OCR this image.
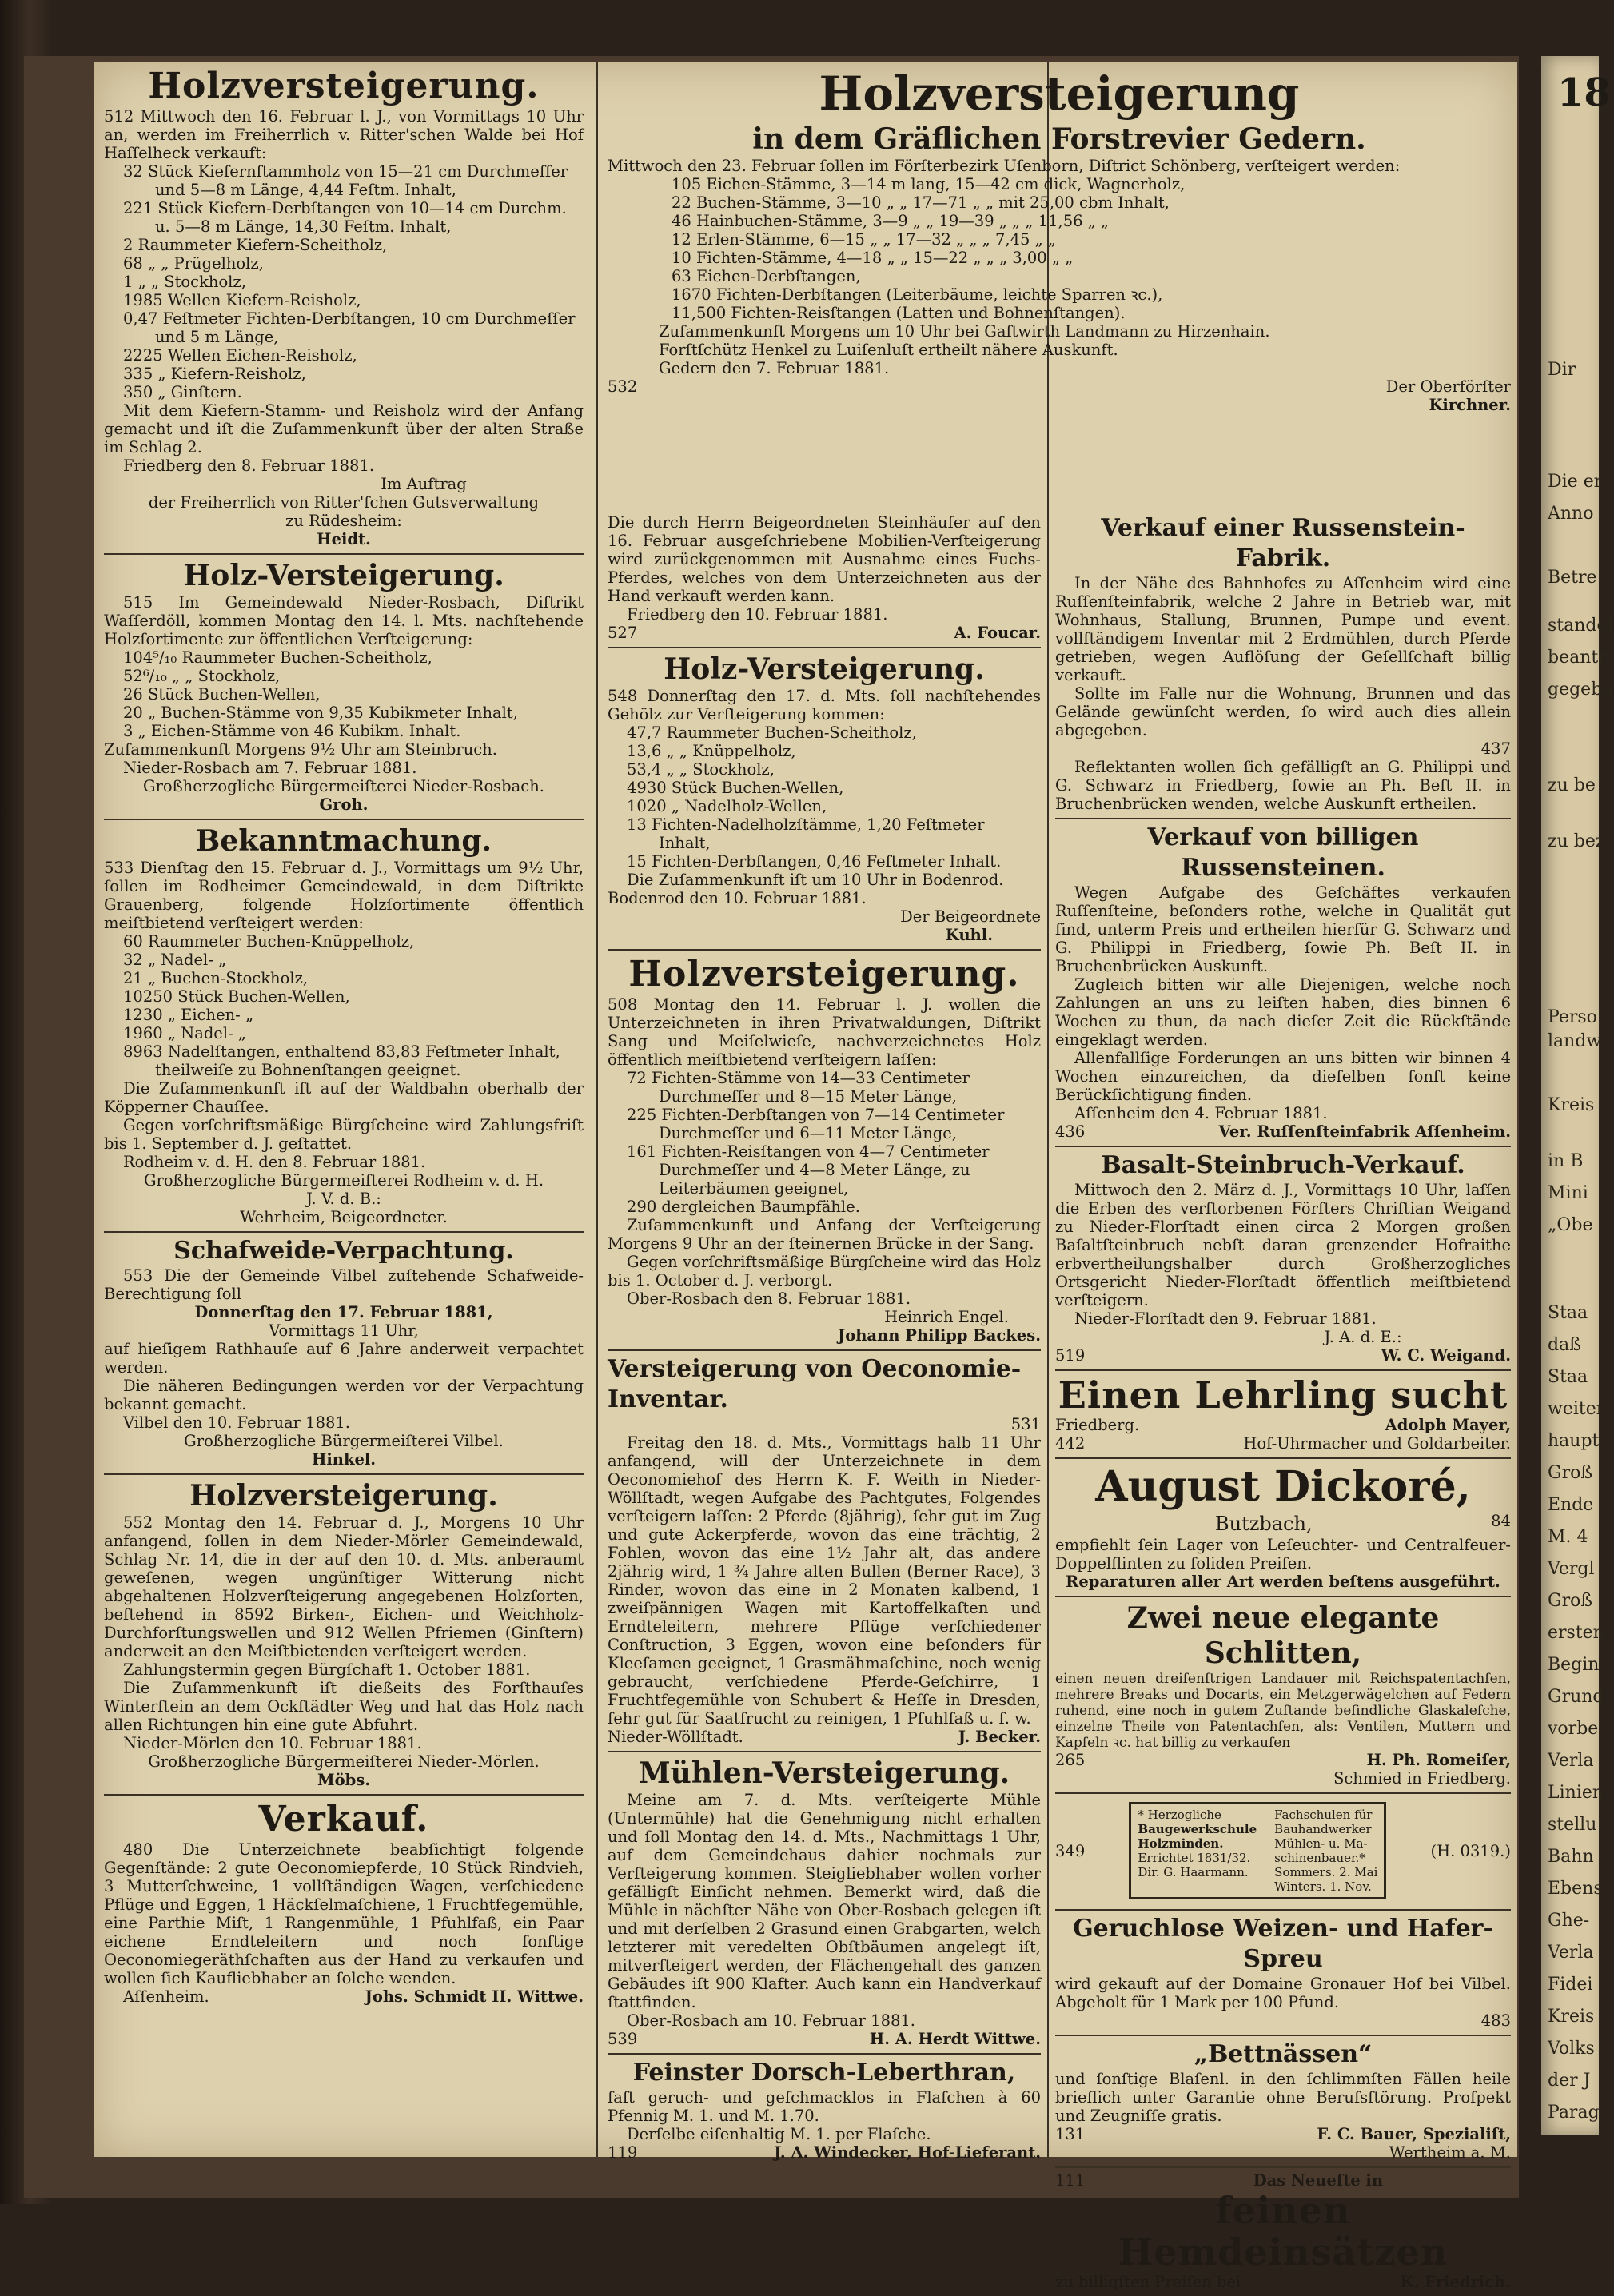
18
Dir
Die er
Anno
Betre
standet
beantr
gegebe
zu be
zu bez
Perso
landw
Kreis
in B
Mini
„Obe
Staa
daß
Staa
weiter
haupt
Groß
Ende
M. 4
Vergl
Groß
ersten
Begin
Grund
vorbe
Verla
Linien
stellu
Bahn
Ebens
Ghe-
Verla
Fidei
Kreis
Volks
der J
Parag
Holzversteigerung.

512 Mittwoch den 16. Februar l. J., von Vormittags 10 Uhr an, werden im Freiherrlich v. Ritter'schen Walde bei Hof Haſſelheck verkauft:

32 Stück Kiefernſtammholz von 15—21 cm Durchmeſſer und 5—8 m Länge, 4,44 Feſtm. Inhalt,
221 Stück Kiefern-Derbſtangen von 10—14 cm Durchm. u. 5—8 m Länge, 14,30 Feſtm. Inhalt,
2 Raummeter Kiefern-Scheitholz,
68 „ „ Prügelholz,
1 „ „ Stockholz,
1985 Wellen Kiefern-Reisholz,
0,47 Feſtmeter Fichten-Derbſtangen, 10 cm Durchmeſſer und 5 m Länge,
2225 Wellen Eichen-Reisholz,
335 „ Kiefern-Reisholz,
350 „ Ginſtern.

Mit dem Kiefern-Stamm- und Reisholz wird der Anfang gemacht und iſt die Zuſammenkunft über der alten Straße im Schlag 2.

Friedberg den 8. Februar 1881.

Im Auftrag
der Freiherrlich von Ritter'ſchen Gutsverwaltung
zu Rüdesheim:
Heidt.
Holz-Versteigerung.

515 Im Gemeindewald Nieder-Rosbach, Diſtrikt Waſſerdöll, kommen Montag den 14. l. Mts. nachſtehende Holzſortimente zur öffentlichen Verſteigerung:

104⁵/₁₀ Raummeter Buchen-Scheitholz,
52⁶/₁₀ „ „ Stockholz,
26 Stück Buchen-Wellen,
20 „ Buchen-Stämme von 9,35 Kubikmeter Inhalt,
3 „ Eichen-Stämme von 46 Kubikm. Inhalt.

Zuſammenkunft Morgens 9½ Uhr am Steinbruch.

Nieder-Rosbach am 7. Februar 1881.

Großherzogliche Bürgermeiſterei Nieder-Rosbach.
Groh.
Bekanntmachung.

533 Dienſtag den 15. Februar d. J., Vormittags um 9½ Uhr, ſollen im Rodheimer Gemeindewald, in dem Diſtrikte Grauenberg, folgende Holzſortimente öffentlich meiſtbietend verſteigert werden:

60 Raummeter Buchen-Knüppelholz,
32 „ Nadel- „
21 „ Buchen-Stockholz,
10250 Stück Buchen-Wellen,
1230 „ Eichen- „
1960 „ Nadel- „
8963 Nadelſtangen, enthaltend 83,83 Feſtmeter Inhalt, theilweiſe zu Bohnenſtangen geeignet.

Die Zuſammenkunft iſt auf der Waldbahn oberhalb der Köpperner Chauſſee.

Gegen vorſchriftsmäßige Bürgſcheine wird Zahlungsfriſt bis 1. September d. J. geſtattet.

Rodheim v. d. H. den 8. Februar 1881.

Großherzogliche Bürgermeiſterei Rodheim v. d. H.
J. V. d. B.:
Wehrheim, Beigeordneter.
Schafweide-Verpachtung.

553 Die der Gemeinde Vilbel zuſtehende Schafweide-Berechtigung ſoll

Donnerſtag den 17. Februar 1881,
Vormittags 11 Uhr,

auf hieſigem Rathhauſe auf 6 Jahre anderweit verpachtet werden.

Die näheren Bedingungen werden vor der Verpachtung bekannt gemacht.

Vilbel den 10. Februar 1881.

Großherzogliche Bürgermeiſterei Vilbel.
Hinkel.
Holzversteigerung.

552 Montag den 14. Februar d. J., Morgens 10 Uhr anfangend, ſollen in dem Nieder-Mörler Gemeindewald, Schlag Nr. 14, die in der auf den 10. d. Mts. anberaumt geweſenen, wegen ungünſtiger Witterung nicht abgehaltenen Holzverſteigerung angegebenen Holzſorten, beſtehend in 8592 Birken-, Eichen- und Weichholz-Durchforſtungswellen und 912 Wellen Pfriemen (Ginſtern) anderweit an den Meiſtbietenden verſteigert werden.

Zahlungstermin gegen Bürgſchaft 1. October 1881.

Die Zuſammenkunft iſt dießeits des Forſthauſes Winterſtein an dem Ockſtädter Weg und hat das Holz nach allen Richtungen hin eine gute Abfuhrt.

Nieder-Mörlen den 10. Februar 1881.

Großherzogliche Bürgermeiſterei Nieder-Mörlen.
Möbs.
Verkauf.

480 Die Unterzeichnete beabſichtigt folgende Gegenſtände: 2 gute Oeconomiepferde, 10 Stück Rindvieh, 3 Mutterſchweine, 1 vollſtändigen Wagen, verſchiedene Pflüge und Eggen, 1 Häckſelmaſchiene, 1 Fruchtfegemühle, eine Parthie Miſt, 1 Rangenmühle, 1 Pfuhlfaß, ein Paar eichene Erndteleitern und noch ſonſtige Oeconomiegeräthſchaften aus der Hand zu verkaufen und wollen ſich Kaufliebhaber an ſolche wenden.

Aſſenheim.	Johs. Schmidt II. Wittwe.
Holzversteigerung
in dem Gräflichen Forstrevier Gedern.

Mittwoch den 23. Februar ſollen im Förſterbezirk Uſenborn, Diſtrict Schönberg, verſteigert werden:

105 Eichen-Stämme, 3—14 m lang, 15—42 cm dick, Wagnerholz,
22 Buchen-Stämme, 3—10 „ „ 17—71 „ „ mit 25,00 cbm Inhalt,
46 Hainbuchen-Stämme, 3—9 „ „ 19—39 „ „ „ 11,56 „ „
12 Erlen-Stämme, 6—15 „ „ 17—32 „ „ „ 7,45 „ „
10 Fichten-Stämme, 4—18 „ „ 15—22 „ „ „ 3,00 „ „
63 Eichen-Derbſtangen,
1670 Fichten-Derbſtangen (Leiterbäume, leichte Sparren ꝛc.),
11,500 Fichten-Reisſtangen (Latten und Bohnenſtangen).

Zuſammenkunft Morgens um 10 Uhr bei Gaſtwirth Landmann zu Hirzenhain.

Forſtſchütz Henkel zu Luiſenluſt ertheilt nähere Auskunft.

Gedern den 7. Februar 1881.

532	Der Oberförſter
Kirchner.

Die durch Herrn Beigeordneten Steinhäuſer auf den 16. Februar ausgeſchriebene Mobilien-Verſteigerung wird zurückgenommen mit Ausnahme eines Fuchs-Pferdes, welches von dem Unterzeichneten aus der Hand verkauft werden kann.

Friedberg den 10. Februar 1881.

527	A. Foucar.
Holz-Versteigerung.

548 Donnerſtag den 17. d. Mts. ſoll nachſtehendes Gehölz zur Verſteigerung kommen:

47,7 Raummeter Buchen-Scheitholz,
13,6 „ „ Knüppelholz,
53,4 „ „ Stockholz,
4930 Stück Buchen-Wellen,
1020 „ Nadelholz-Wellen,
13 Fichten-Nadelholzſtämme, 1,20 Feſtmeter Inhalt,
15 Fichten-Derbſtangen, 0,46 Feſtmeter Inhalt.

Die Zuſammenkunft iſt um 10 Uhr in Bodenrod.

Bodenrod den 10. Februar 1881.

Der Beigeordnete
Kuhl.
Holzversteigerung.

508 Montag den 14. Februar l. J. wollen die Unterzeichneten in ihren Privatwaldungen, Diſtrikt Sang und Meiſelwieſe, nachverzeichnetes Holz öffentlich meiſtbietend verſteigern laſſen:

72 Fichten-Stämme von 14—33 Centimeter Durchmeſſer und 8—15 Meter Länge,
225 Fichten-Derbſtangen von 7—14 Centimeter Durchmeſſer und 6—11 Meter Länge,
161 Fichten-Reisſtangen von 4—7 Centimeter Durchmeſſer und 4—8 Meter Länge, zu Leiterbäumen geeignet,
290 dergleichen Baumpfähle.

Zuſammenkunft und Anfang der Verſteigerung Morgens 9 Uhr an der ſteinernen Brücke in der Sang.

Gegen vorſchriftsmäßige Bürgſcheine wird das Holz bis 1. October d. J. verborgt.

Ober-Rosbach den 8. Februar 1881.

Heinrich Engel.
Johann Philipp Backes.
Versteigerung von Oeconomie-Inventar.
531

Freitag den 18. d. Mts., Vormittags halb 11 Uhr anfangend, will der Unterzeichnete in dem Oeconomiehof des Herrn K. F. Weith in Nieder-Wöllſtadt, wegen Aufgabe des Pachtgutes, Folgendes verſteigern laſſen: 2 Pferde (8jährig), ſehr gut im Zug und gute Ackerpferde, wovon das eine trächtig, 2 Fohlen, wovon das eine 1½ Jahr alt, das andere 2jährig wird, 1 ¾ Jahre alten Bullen (Berner Race), 3 Rinder, wovon das eine in 2 Monaten kalbend, 1 zweiſpännigen Wagen mit Kartoffelkaſten und Erndteleitern, mehrere Pflüge verſchiedener Conſtruction, 3 Eggen, wovon eine beſonders für Kleeſamen geeignet, 1 Grasmähmaſchine, noch wenig gebraucht, verſchiedene Pferde-Geſchirre, 1 Fruchtfegemühle von Schubert & Heſſe in Dresden, ſehr gut für Saatfrucht zu reinigen, 1 Pfuhlfaß u. ſ. w.

Nieder-Wöllſtadt.	J. Becker.
Mühlen-Versteigerung.

Meine am 7. d. Mts. verſteigerte Mühle (Untermühle) hat die Genehmigung nicht erhalten und ſoll Montag den 14. d. Mts., Nachmittags 1 Uhr, auf dem Gemeindehaus dahier nochmals zur Verſteigerung kommen. Steigliebhaber wollen vorher gefälligſt Einſicht nehmen. Bemerkt wird, daß die Mühle in nächſter Nähe von Ober-Rosbach gelegen iſt und mit derſelben 2 Grasund einen Grabgarten, welch letzterer mit veredelten Obſtbäumen angelegt iſt, mitverſteigert werden, der Flächengehalt des ganzen Gebäudes iſt 900 Klafter. Auch kann ein Handverkauf ſtattfinden.

Ober-Rosbach am 10. Februar 1881.

539	H. A. Herdt Wittwe.
Feinster Dorsch-Leberthran,

faſt geruch- und geſchmacklos in Flaſchen à 60 Pfennig M. 1. und M. 1.70.

Derſelbe eiſenhaltig M. 1. per Flaſche.

119	J. A. Windecker, Hof-Lieferant.
Verkauf einer Russenstein-Fabrik.

In der Nähe des Bahnhofes zu Aſſenheim wird eine Ruſſenſteinfabrik, welche 2 Jahre in Betrieb war, mit Wohnhaus, Stallung, Brunnen, Pumpe und event. vollſtändigem Inventar mit 2 Erdmühlen, durch Pferde getrieben, wegen Auflöſung der Geſellſchaft billig verkauft.

Sollte im Falle nur die Wohnung, Brunnen und das Gelände gewünſcht werden, ſo wird auch dies allein abgegeben.

437

Reflektanten wollen ſich gefälligſt an G. Philippi und G. Schwarz in Friedberg, ſowie an Ph. Beſt II. in Bruchenbrücken wenden, welche Auskunft ertheilen.

Verkauf von billigen Russensteinen.

Wegen Aufgabe des Geſchäftes verkaufen Ruſſenſteine, beſonders rothe, welche in Qualität gut ſind, unterm Preis und ertheilen hierfür G. Schwarz und G. Philippi in Friedberg, ſowie Ph. Beſt II. in Bruchenbrücken Auskunft.

Zugleich bitten wir alle Diejenigen, welche noch Zahlungen an uns zu leiſten haben, dies binnen 6 Wochen zu thun, da nach dieſer Zeit die Rückſtände eingeklagt werden.

Allenfallſige Forderungen an uns bitten wir binnen 4 Wochen einzureichen, da dieſelben ſonſt keine Berückſichtigung finden.

Aſſenheim den 4. Februar 1881.

436	Ver. Ruſſenſteinfabrik Aſſenheim.
Basalt-Steinbruch-Verkauf.

Mittwoch den 2. März d. J., Vormittags 10 Uhr, laſſen die Erben des verſtorbenen Förſters Chriſtian Weigand zu Nieder-Florſtadt einen circa 2 Morgen großen Baſaltſteinbruch nebſt daran grenzender Hofraithe erbvertheilungshalber durch Großherzogliches Ortsgericht Nieder-Florſtadt öffentlich meiſtbietend verſteigern.

Nieder-Florſtadt den 9. Februar 1881.

J. A. d. E.:
519	W. C. Weigand.
Einen Lehrling sucht
Friedberg.	Adolph Mayer,
442	Hof-Uhrmacher und Goldarbeiter.
August Dickoré,
Butzbach,	84

empfiehlt ſein Lager von Leſeuchter- und Centralfeuer-Doppelflinten zu ſoliden Preiſen.

Reparaturen aller Art werden beſtens ausgeführt.
Zwei neue elegante Schlitten,

einen neuen dreifenſtrigen Landauer mit Reichspatentachſen, mehrere Breaks und Docarts, ein Metzgerwägelchen auf Federn ruhend, eine noch in gutem Zuſtande befindliche Glaskaleſche, einzelne Theile von Patentachſen, als: Ventilen, Muttern und Kapſeln ꝛc. hat billig zu verkaufen

265	H. Ph. Romeiſer,
Schmied in Friedberg.
349
* Herzogliche
Baugewerkschule
Holzminden.
Errichtet 1831/32.
Dir. G. Haarmann.
Fachschulen für
Bauhandwerker
Mühlen- u. Ma-
schinenbauer.*
Sommers. 2. Mai
Winters. 1. Nov.
(H. 0319.)
Geruchlose Weizen- und Hafer-Spreu

wird gekauft auf der Domaine Gronauer Hof bei Vilbel. Abgeholt für 1 Mark per 100 Pfund.

483
„Bettnässen“

und ſonſtige Blaſenl. in den ſchlimmſten Fällen heile brieflich unter Garantie ohne Berufsſtörung. Proſpekt und Zeugniſſe gratis.

131	F. C. Bauer, Spezialiſt,
Wertheim a. M.
111	Das Neueſte in
feinen Hemdeinsätzen
zu billigſten Preiſen bei	K. Friedrich.
